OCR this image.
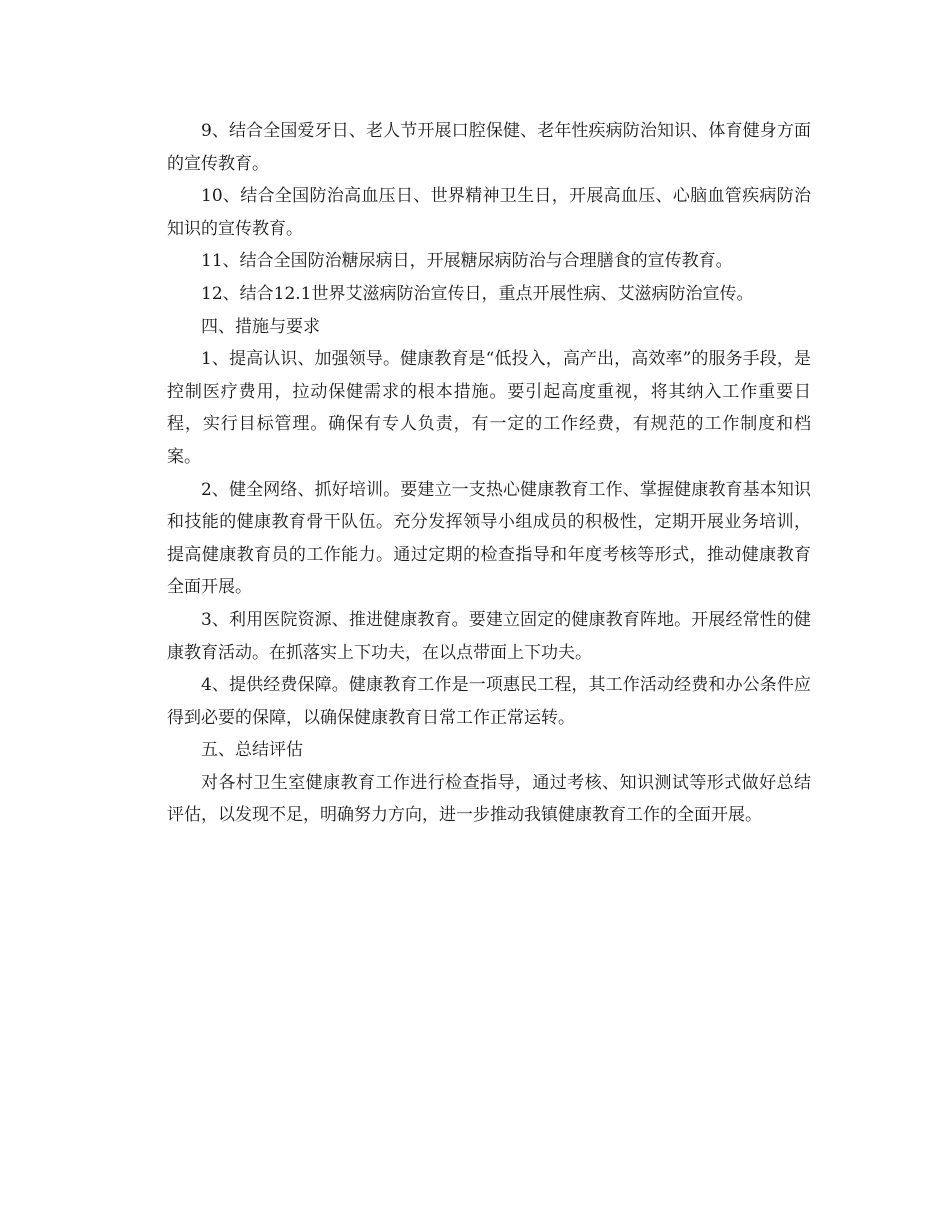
9、结合全国爱牙日、老人节开展口腔保健、老年性疾病防治知识、体育健身方面的宣传教育。

10、结合全国防治高血压日、世界精神卫生日，开展高血压、心脑血管疾病防治知识的宣传教育。

11、结合全国防治糖尿病日，开展糖尿病防治与合理膳食的宣传教育。

12、结合12.1世界艾滋病防治宣传日，重点开展性病、艾滋病防治宣传。

四、措施与要求

1、提高认识、加强领导。健康教育是“低投入，高产出，高效率”的服务手段，是控制医疗费用，拉动保健需求的根本措施。要引起高度重视，将其纳入工作重要日程，实行目标管理。确保有专人负责，有一定的工作经费，有规范的工作制度和档案。

2、健全网络、抓好培训。要建立一支热心健康教育工作、掌握健康教育基本知识和技能的健康教育骨干队伍。充分发挥领导小组成员的积极性，定期开展业务培训，提高健康教育员的工作能力。通过定期的检查指导和年度考核等形式，推动健康教育全面开展。

3、利用医院资源、推进健康教育。要建立固定的健康教育阵地。开展经常性的健康教育活动。在抓落实上下功夫，在以点带面上下功夫。

4、提供经费保障。健康教育工作是一项惠民工程，其工作活动经费和办公条件应得到必要的保障，以确保健康教育日常工作正常运转。

五、总结评估

对各村卫生室健康教育工作进行检查指导，通过考核、知识测试等形式做好总结评估，以发现不足，明确努力方向，进一步推动我镇健康教育工作的全面开展。
